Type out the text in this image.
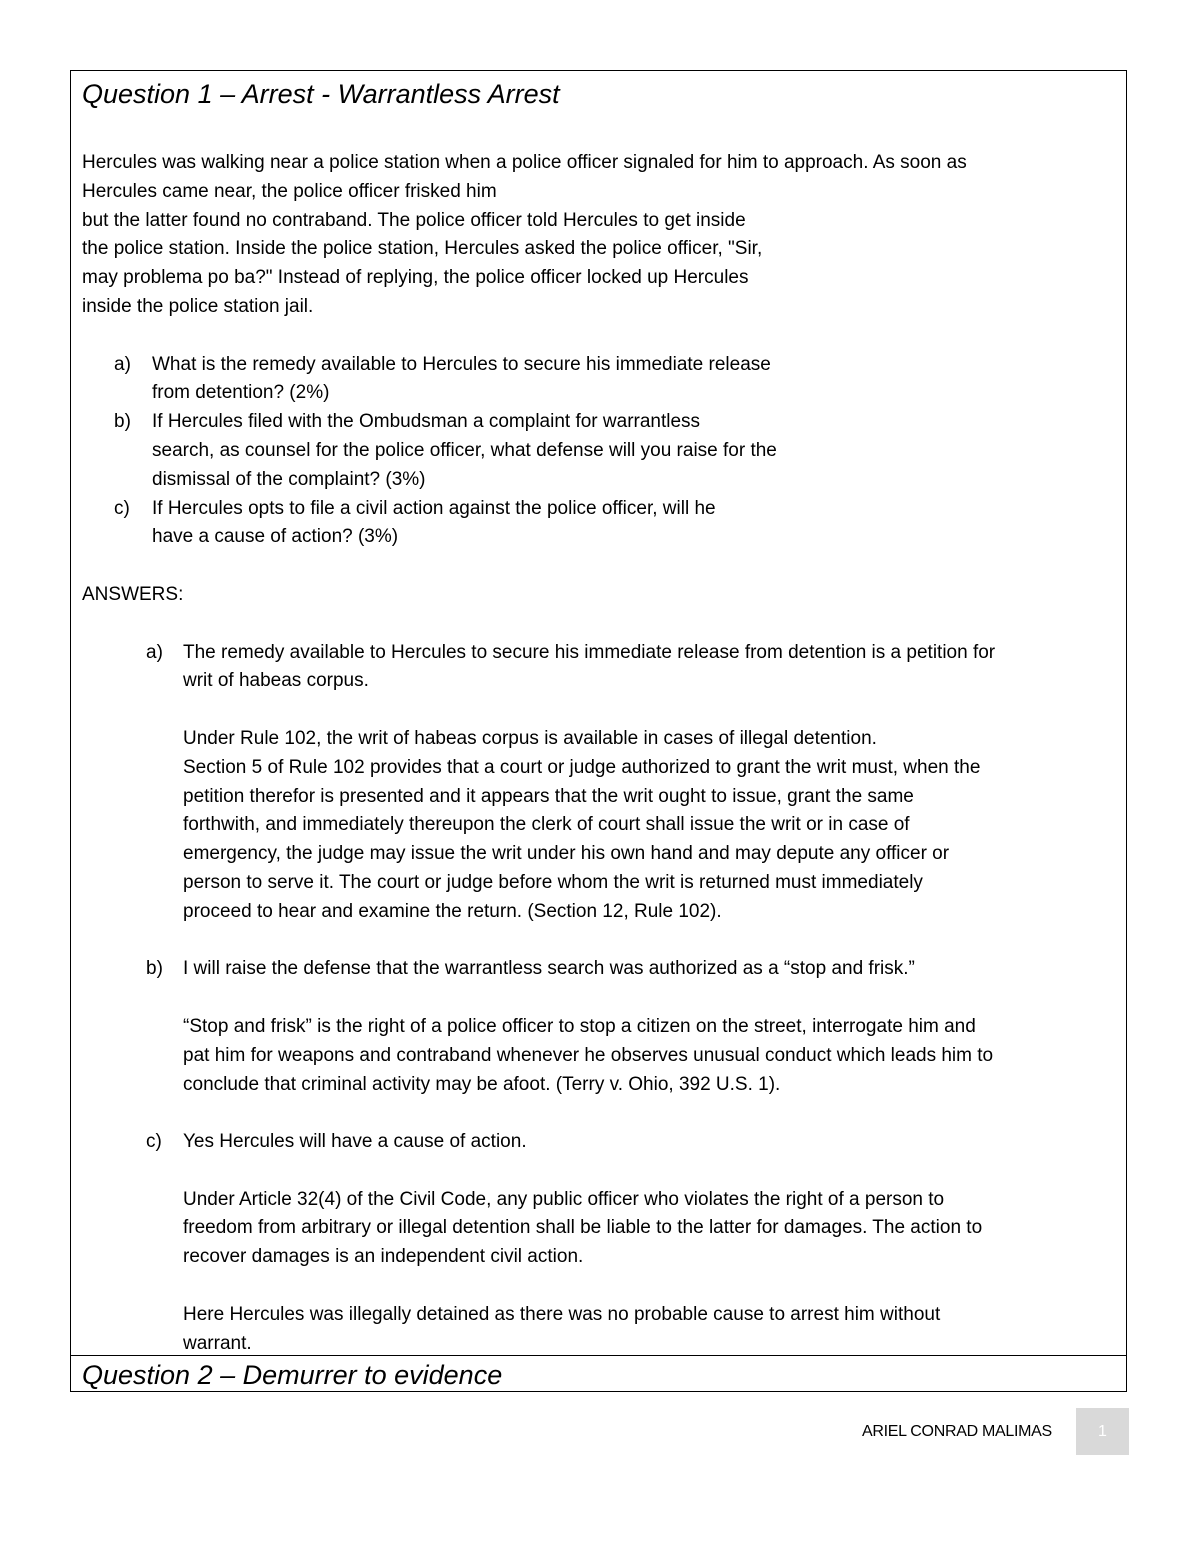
Question 1 – Arrest - Warrantless Arrest
Hercules was walking near a police station when a police officer signaled for him to approach. As soon as
Hercules came near, the police officer frisked him
but the latter found no contraband. The police officer told Hercules to get inside
the police station. Inside the police station, Hercules asked the police officer, "Sir,
may problema po ba?" Instead of replying, the police officer locked up Hercules
inside the police station jail.
a)	What is the remedy available to Hercules to secure his immediate release
from detention? (2%)
b)	If Hercules filed with the Ombudsman a complaint for warrantless
search, as counsel for the police officer, what defense will you raise for the
dismissal of the complaint? (3%)
c)	If Hercules opts to file a civil action against the police officer, will he
have a cause of action? (3%)
ANSWERS:
a)	The remedy available to Hercules to secure his immediate release from detention is a petition for
writ of habeas corpus.
Under Rule 102, the writ of habeas corpus is available in cases of illegal detention.
Section 5 of Rule 102 provides that a court or judge authorized to grant the writ must, when the
petition therefor is presented and it appears that the writ ought to issue, grant the same
forthwith, and immediately thereupon the clerk of court shall issue the writ or in case of
emergency, the judge may issue the writ under his own hand and may depute any officer or
person to serve it. The court or judge before whom the writ is returned must immediately
proceed to hear and examine the return. (Section 12, Rule 102).
b)	I will raise the defense that the warrantless search was authorized as a “stop and frisk.”
“Stop and frisk” is the right of a police officer to stop a citizen on the street, interrogate him and
pat him for weapons and contraband whenever he observes unusual conduct which leads him to
conclude that criminal activity may be afoot. (Terry v. Ohio, 392 U.S. 1).
c)	Yes Hercules will have a cause of action.
Under Article 32(4) of the Civil Code, any public officer who violates the right of a person to
freedom from arbitrary or illegal detention shall be liable to the latter for damages. The action to
recover damages is an independent civil action.
Here Hercules was illegally detained as there was no probable cause to arrest him without
warrant.
Question 2 – Demurrer to evidence
ARIEL CONRAD MALIMAS	1
